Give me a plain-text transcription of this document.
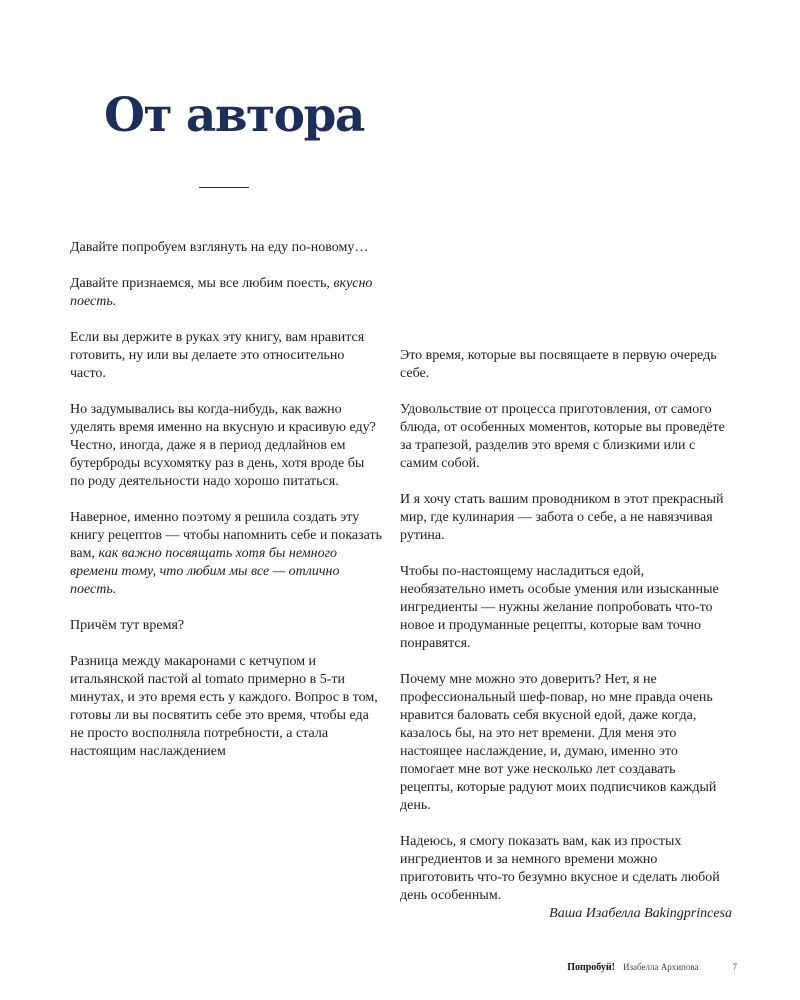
От автора

Давайте попробуем взглянуть на еду по-новому…

Давайте признаемся, мы все любим поесть, вкусно поесть.

Если вы держите в руках эту книгу, вам нравится готовить, ну или вы делаете это относительно часто.

Но задумывались вы когда-нибудь, как важно уделять время именно на вкусную и красивую еду? Честно, иногда, даже я в период дедлайнов ем бутерброды всухомятку раз в день, хотя вроде бы по роду деятельности надо хорошо питаться.

Наверное, именно поэтому я решила создать эту книгу рецептов — чтобы напомнить себе и показать вам, как важно посвящать хотя бы немного времени тому, что любим мы все — отлично поесть.

Причём тут время?

Разница между макаронами с кетчупом и итальянской пастой al tomato примерно в 5-ти минутах, и это время есть у каждого. Вопрос в том, готовы ли вы посвятить себе это время, чтобы еда не просто восполняла потребности, а стала настоящим наслаждением

Это время, которые вы посвящаете в первую очередь себе.

Удовольствие от процесса приготовления, от самого блюда, от особенных моментов, которые вы проведёте за трапезой, разделив это время с близкими или с самим собой.

И я хочу стать вашим проводником в этот прекрасный мир, где кулинария — забота о себе, а не навязчивая рутина.

Чтобы по-настоящему насладиться едой, необязательно иметь особые умения или изысканные ингредиенты — нужны желание попробовать что-то новое и продуманные рецепты, которые вам точно понравятся.

Почему мне можно это доверить? Нет, я не профессиональный шеф-повар, но мне правда очень нравится баловать себя вкусной едой, даже когда, казалось бы, на это нет времени. Для меня это настоящее наслаждение, и, думаю, именно это помогает мне вот уже несколько лет создавать рецепты, которые радуют моих подписчиков каждый день.

Надеюсь, я смогу показать вам, как из простых ингредиентов и за немного времени можно приготовить что-то безумно вкусное и сделать любой день особенным.

Ваша Изабелла Bakingprincesa
Попробуй! Изабелла Архипова	7
